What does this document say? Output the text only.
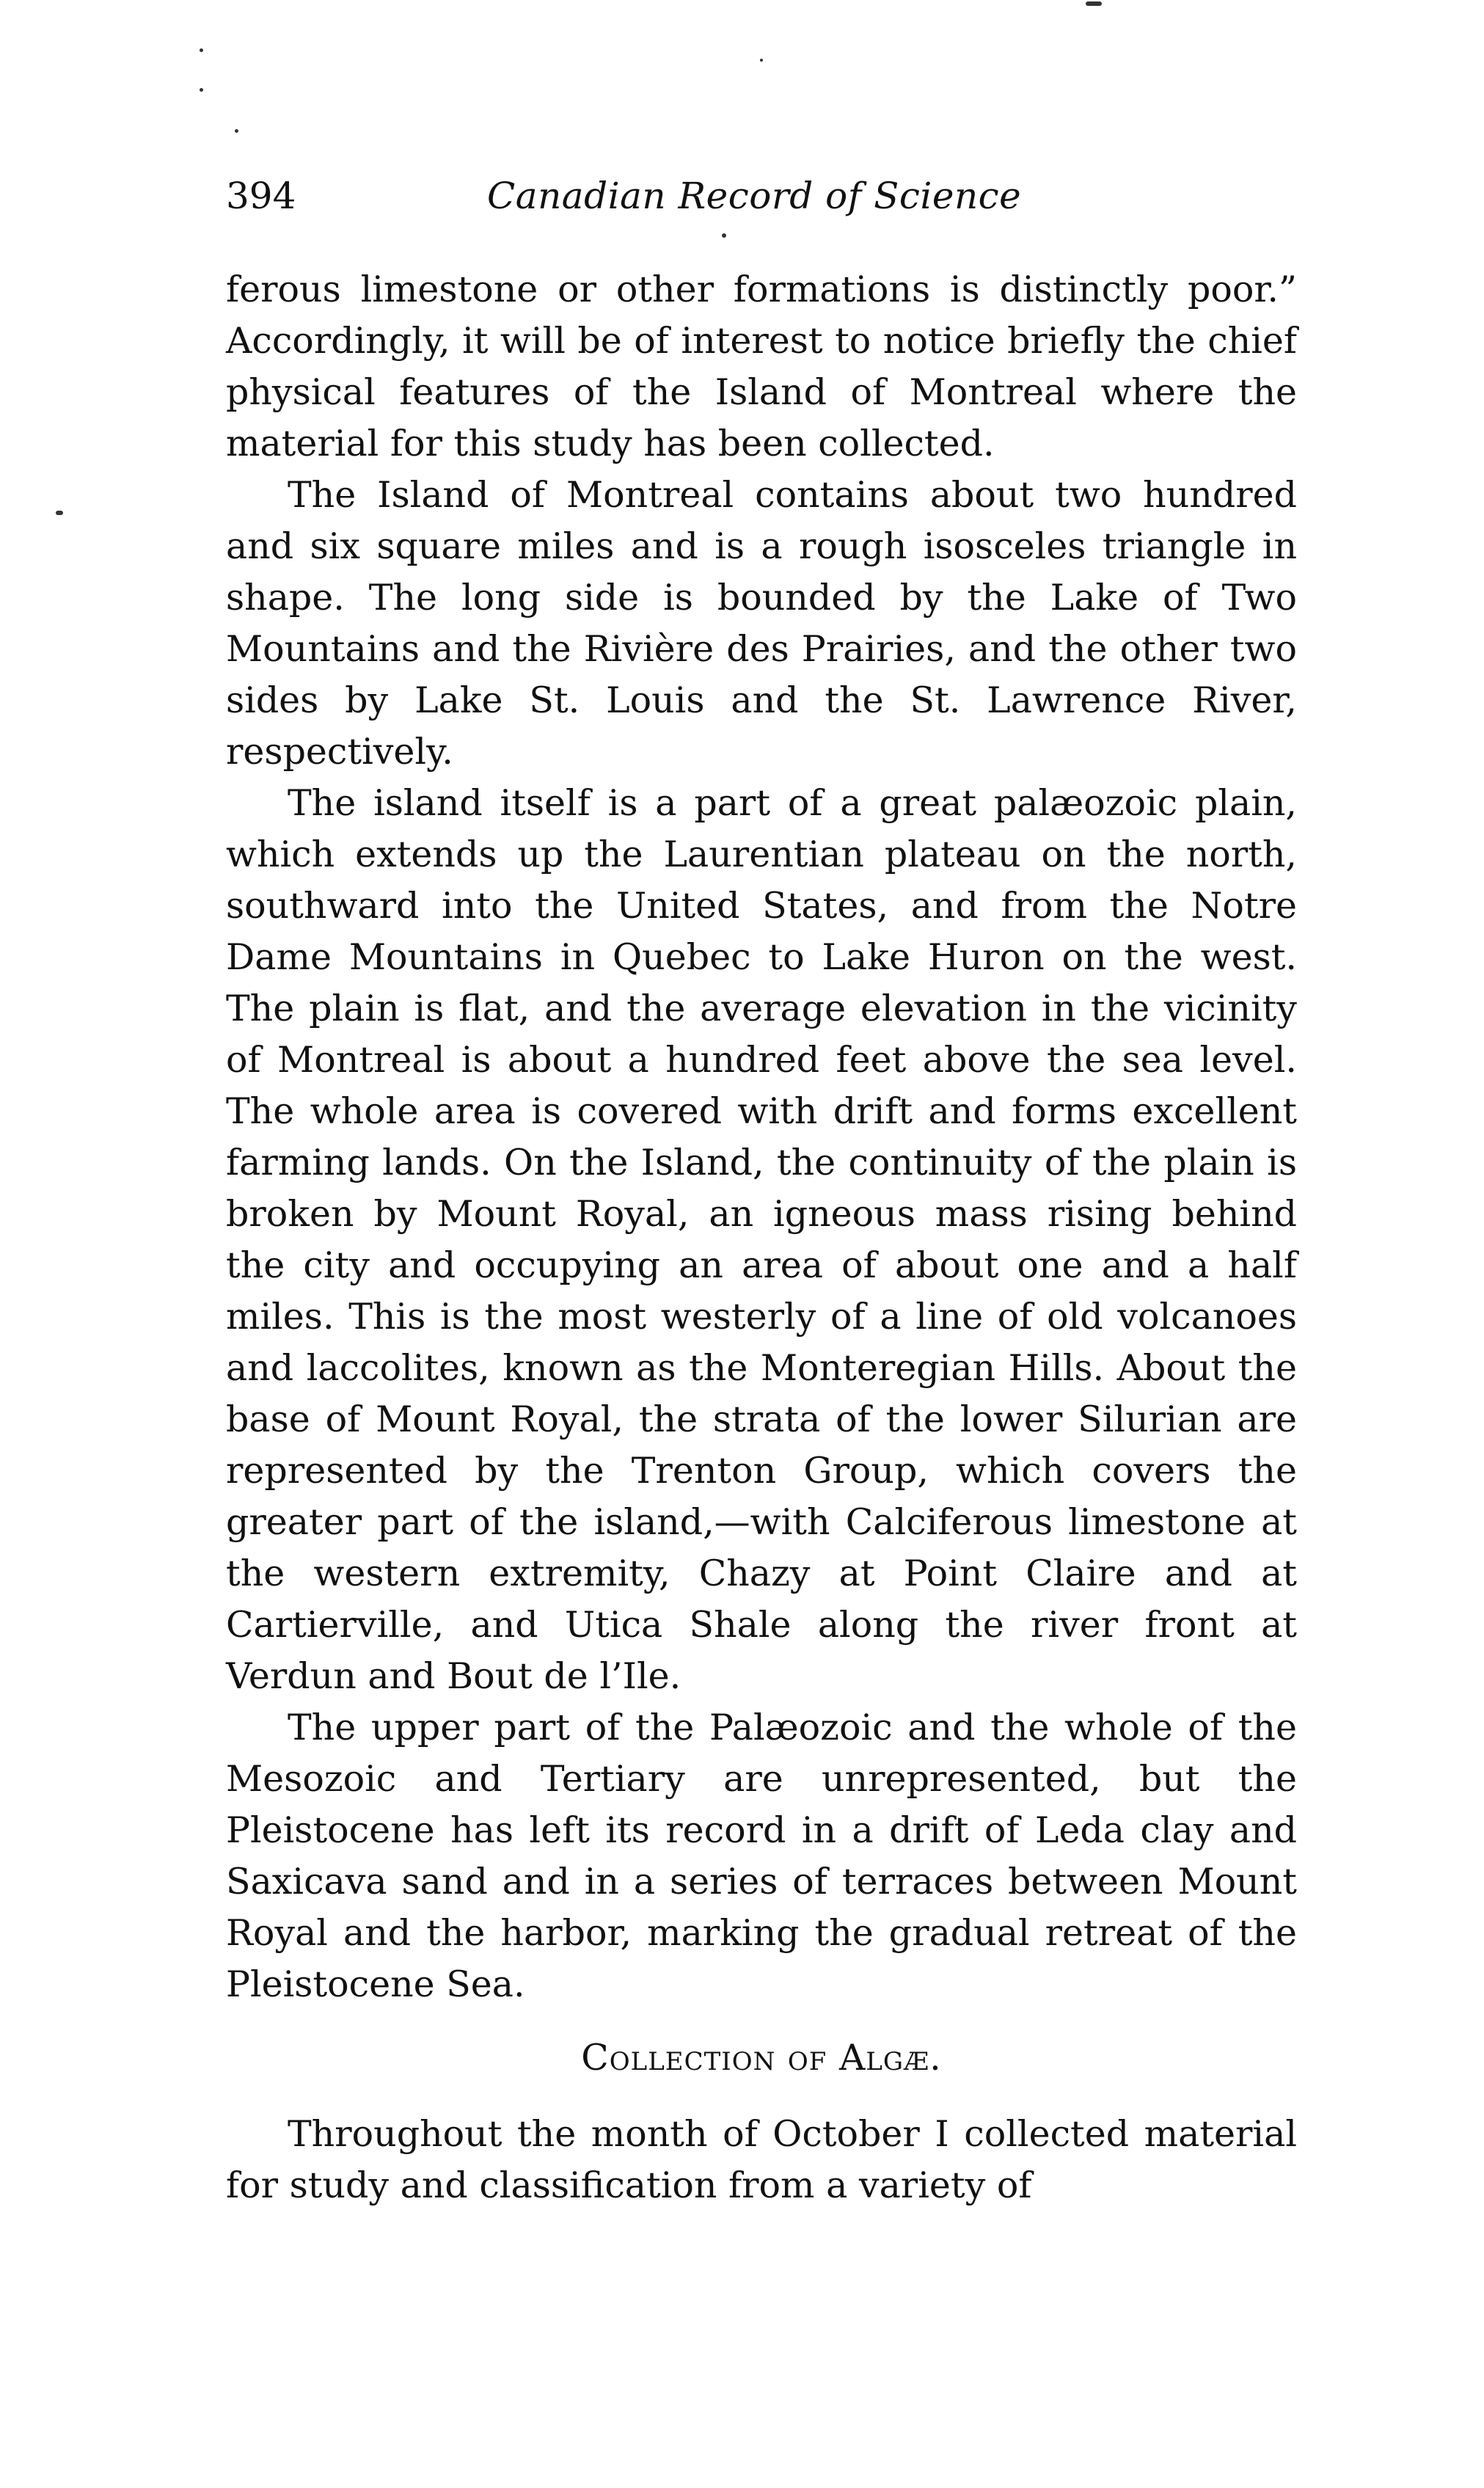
394	Canadian Record of Science

ferous limestone or other formations is distinctly poor.” Accordingly, it will be of interest to notice briefly the chief physical features of the Island of Montreal where the material for this study has been collected.

The Island of Montreal contains about two hundred and six square miles and is a rough isosceles triangle in shape. The long side is bounded by the Lake of Two Mountains and the Rivière des Prairies, and the other two sides by Lake St. Louis and the St. Lawrence River, respectively.

The island itself is a part of a great palæozoic plain, which extends up the Laurentian plateau on the north, southward into the United States, and from the Notre Dame Mountains in Quebec to Lake Huron on the west. The plain is flat, and the average elevation in the vicinity of Montreal is about a hundred feet above the sea level. The whole area is covered with drift and forms excellent farming lands. On the Island, the continuity of the plain is broken by Mount Royal, an igneous mass rising behind the city and occupying an area of about one and a half miles. This is the most westerly of a line of old volcanoes and laccolites, known as the Monteregian Hills. About the base of Mount Royal, the strata of the lower Silurian are represented by the Trenton Group, which covers the greater part of the island,—with Calciferous limestone at the western extremity, Chazy at Point Claire and at Cartierville, and Utica Shale along the river front at Verdun and Bout de l’Ile.

The upper part of the Palæozoic and the whole of the Mesozoic and Tertiary are unrepresented, but the Pleistocene has left its record in a drift of Leda clay and Saxicava sand and in a series of terraces between Mount Royal and the harbor, marking the gradual retreat of the Pleistocene Sea.

Collection of Algæ.

Throughout the month of October I collected material for study and classification from a variety of
